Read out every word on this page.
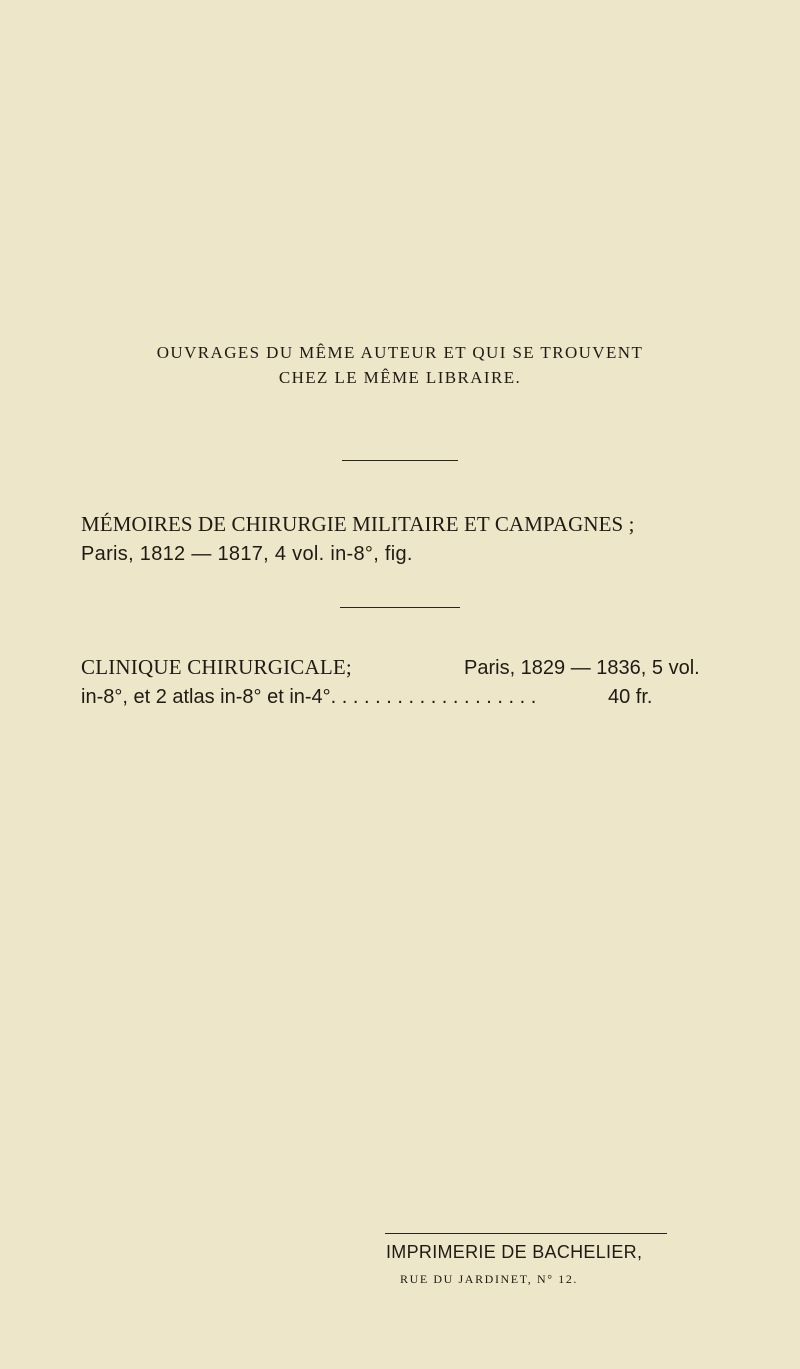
OUVRAGES DU MÊME AUTEUR ET QUI SE TROUVENT
CHEZ LE MÊME LIBRAIRE.
MÉMOIRES DE CHIRURGIE MILITAIRE ET CAMPAGNES ;
Paris, 1812 — 1817, 4 vol. in-8°, fig.
CLINIQUE CHIRURGICALE;	Paris, 1829 — 1836, 5 vol.
in-8°, et 2 atlas in-8° et in-4°. . . . . . . . . . . . . . . . . . .	40 fr.
IMPRIMERIE DE BACHELIER,
RUE DU JARDINET, N° 12.
